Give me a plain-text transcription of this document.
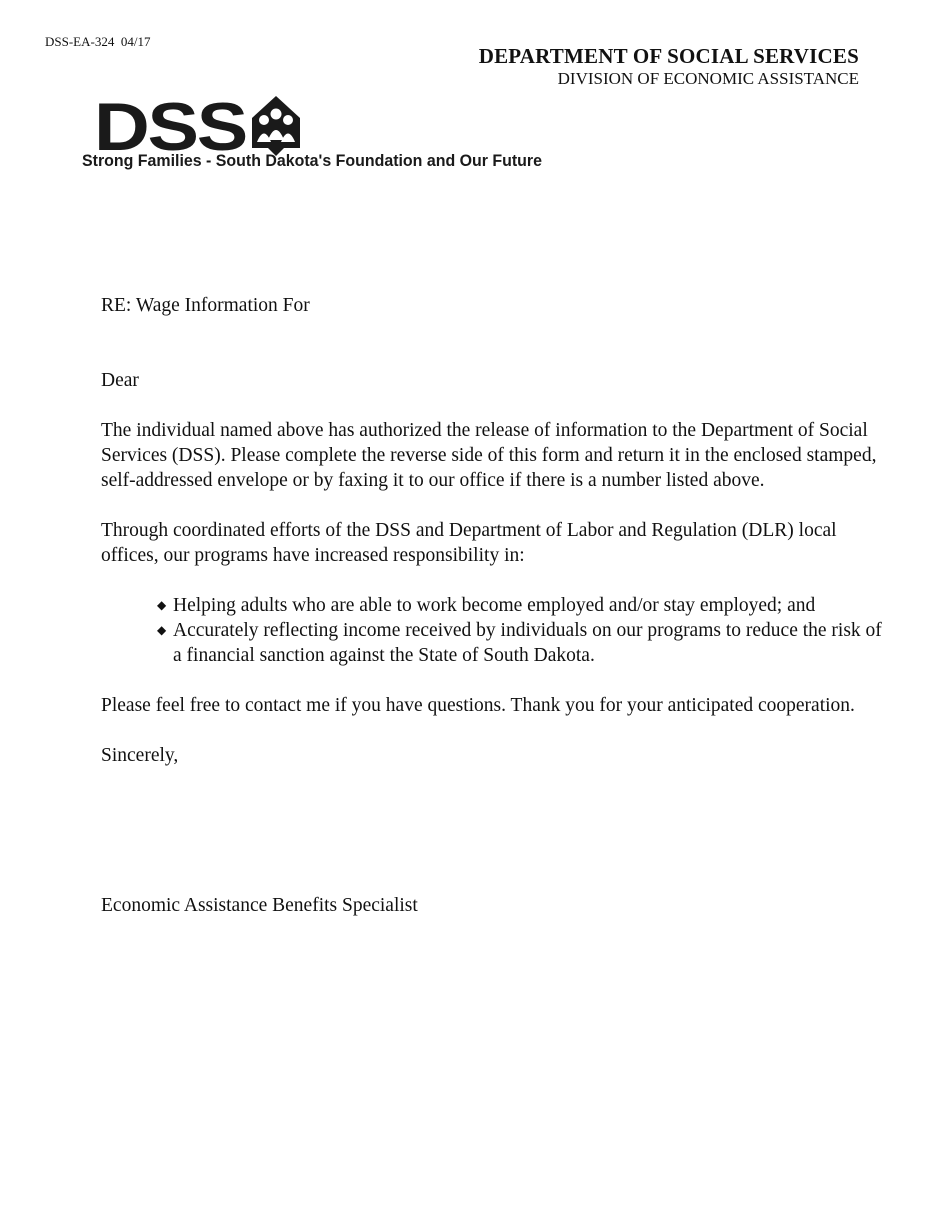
DSS-EA-324  04/17
DEPARTMENT OF SOCIAL SERVICES
DIVISION OF ECONOMIC ASSISTANCE
DSS
Strong Families - South Dakota's Foundation and Our Future

RE: Wage Information For

Dear

The individual named above has authorized the release of information to the Department of Social Services (DSS). Please complete the reverse side of this form and return it in the enclosed stamped, self-addressed envelope or by faxing it to our office if there is a number listed above.

Through coordinated efforts of the DSS and Department of Labor and Regulation (DLR) local offices, our programs have increased responsibility in:

◆ Helping adults who are able to work become employed and/or stay employed; and
◆ Accurately reflecting income received by individuals on our programs to reduce the risk of a financial sanction against the State of South Dakota.

Please feel free to contact me if you have questions. Thank you for your anticipated cooperation.

Sincerely,

Economic Assistance Benefits Specialist
